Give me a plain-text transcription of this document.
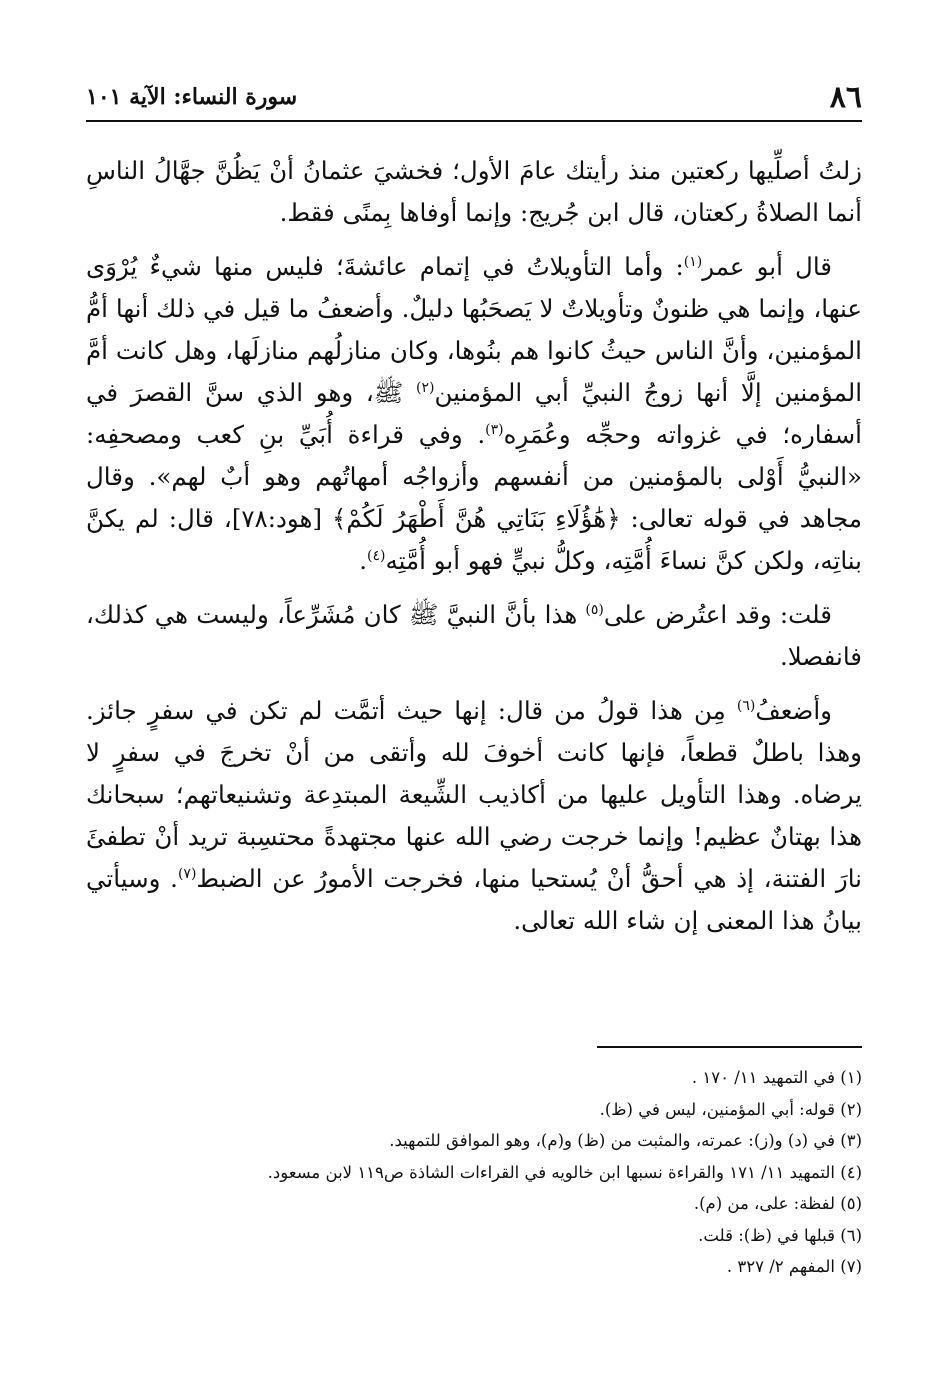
٨٦
سورة النساء: الآية ١٠١

زلتُ أصلِّيها ركعتين منذ رأيتك عامَ الأول؛ فخشيَ عثمانُ أنْ يَظُنَّ جهَّالُ الناسِ أنما الصلاةُ ركعتان، قال ابن جُريج: وإنما أوفاها بِمنًى فقط.

قال أبو عمر$^{(١)}$: وأما التأويلاتُ في إتمام عائشةَ؛ فليس منها شيءٌ يُرْوَى عنها، وإنما هي ظنونٌ وتأويلاتٌ لا يَصحَبُها دليلٌ. وأضعفُ ما قيل في ذلك أنها أمُّ المؤمنين، وأنَّ الناس حيثُ كانوا هم بنُوها، وكان منازلُهم منازلَها، وهل كانت أمَّ المؤمنين إلَّا أنها زوجُ النبيِّ أبي المؤمنين$^{(٢)}$ ﷺ، وهو الذي سنَّ القصرَ في أسفاره؛ في غزواته وحجِّه وعُمَرِه$^{(٣)}$. وفي قراءة أُبَيِّ بنِ كعب ومصحفِه: «النبيُّ أَوْلى بالمؤمنين من أنفسهم وأزواجُه أمهاتُهم وهو أبٌ لهم». وقال مجاهد في قوله تعالى: ﴿هَٰؤُلَاءِ بَنَاتِي هُنَّ أَطْهَرُ لَكُمْ﴾ [هود:٧٨]، قال: لم يكنَّ بناتِه، ولكن كنَّ نساءَ أُمَّتِه، وكلُّ نبيٍّ فهو أبو أُمَّتِه$^{(٤)}$.

قلت: وقد اعتُرض على$^{(٥)}$ هذا بأنَّ النبيَّ ﷺ كان مُشَرِّعاً، وليست هي كذلك، فانفصلا.

وأضعفُ$^{(٦)}$ مِن هذا قولُ من قال: إنها حيث أتمَّت لم تكن في سفرٍ جائز. وهذا باطلٌ قطعاً، فإنها كانت أخوفَ لله وأتقى من أنْ تخرجَ في سفرٍ لا يرضاه. وهذا التأويل عليها من أكاذيب الشِّيعة المبتدِعة وتشنيعاتهم؛ سبحانك هذا بهتانٌ عظيم! وإنما خرجت رضي الله عنها مجتهدةً محتسِبة تريد أنْ تطفئَ نارَ الفتنة، إذ هي أحقُّ أنْ يُستحيا منها، فخرجت الأمورُ عن الضبط$^{(٧)}$. وسيأتي بيانُ هذا المعنى إن شاء الله تعالى.

(١) في التمهيد ١١/ ١٧٠ .
(٢) قوله: أبي المؤمنين، ليس في (ظ).
(٣) في (د) و(ز): عمرته، والمثبت من (ظ) و(م)، وهو الموافق للتمهيد.
(٤) التمهيد ١١/ ١٧١ والقراءة نسبها ابن خالويه في القراءات الشاذة ص١١٩ لابن مسعود.
(٥) لفظة: على، من (م).
(٦) قبلها في (ظ): قلت.
(٧) المفهم ٢/ ٣٢٧ .
